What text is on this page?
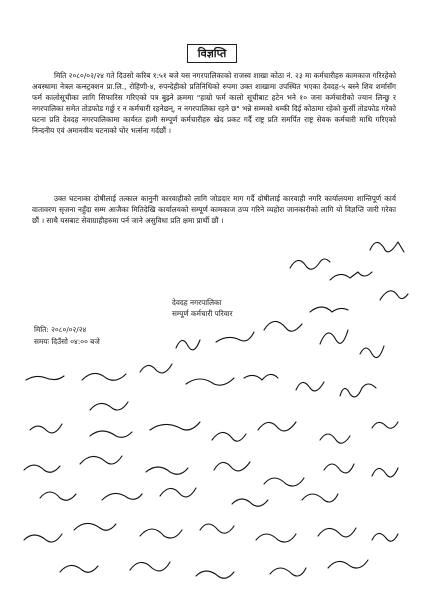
विज्ञप्ति
मिति २०८०/०२/२४ गते दिउसो करिब १:५१ बजे यस नगरपालिकाको राजस्व शाखा कोठा नं. २३ मा कर्मचारीहरु कामकाज गरिरहेको अवस्थामा नेत्रल कन्स्ट्रक्शन प्रा.लि., रोहिणी-४, रुपन्देहीको प्रतिनिधिको रुपमा उक्त शाखामा उपस्थित भएका देवदह-५ बस्ने शिव शर्मासँग फर्म कालोसूचीका लागि सिफारिस गरिएको पत्र बुझ्ने क्रममा "हाम्रो फर्म कालो सूचीबाट हटेन भने १० जना कर्मचारीको ज्यान लिन्छु र नगरपालिका समेत तोडफोड गर्छु र न कर्मचारी रहनेछन्, न नगरपालिका रहने छ" भन्ने सम्मको धम्की दिई कोठामा रहेको कुर्सी तोडफोड गरेको घटना प्रति देवदह नगरपालिकामा कार्यरत हामी सम्पूर्ण कर्मचारीहरु खेद प्रकट गर्दै राष्ट्र प्रति समर्पित राष्ट्र सेवक कर्मचारी माथि गरिएको निन्दनीय एवं अमानवीय घटनाको घोर भर्त्सना गर्दछौं ।
उक्त घटनाका दोषीलाई तत्काल कानुनी कारवाहीको लागि जोडदार माग गर्दै दोषीलाई कारवाही नगरि कार्यालयमा शान्तिपूर्ण कार्य वातावरण सृजना नहुँदा सम्म आजैका मितिदेखि कार्यालयको सम्पूर्ण कामकाज ठप्प गरिने व्यहोरा जानकारीको लागि यो विज्ञप्ति जारी गरेका छौं । साथै यसबाट सेवाग्राहीहरुमा पर्न जाने असुविधा प्रति क्षमा प्रार्थी छौं ।
देवदह नगरपालिका
सम्पूर्ण कर्मचारी परिवार
मिति: २०८०/०२/२४
समयः दिउँसो ०४:०० बजे
